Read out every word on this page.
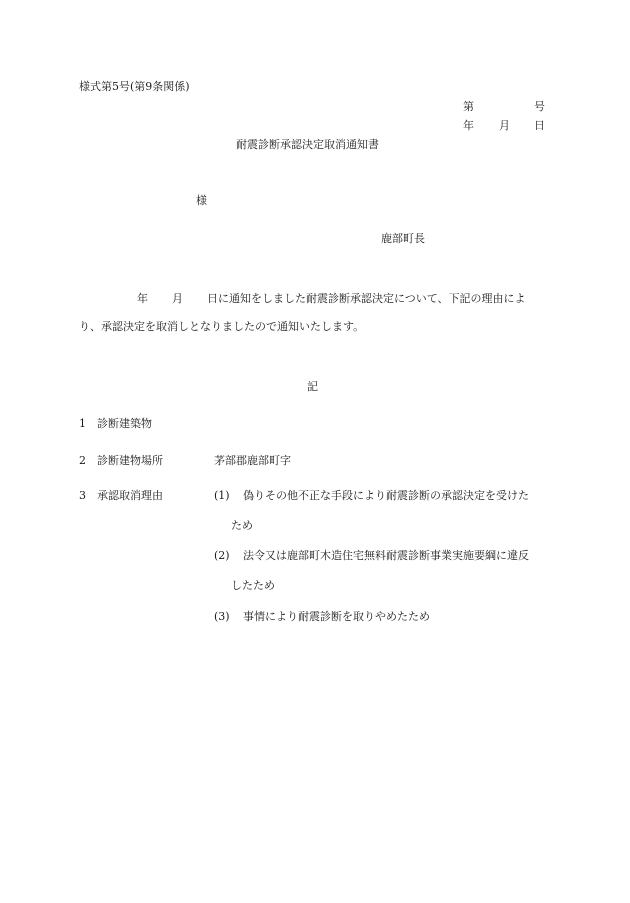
様式第5号(第9条関係)
第	号
年 月 日
耐震診断承認決定取消通知書
様
鹿部町長
年 月 日に通知をしました耐震診断承認決定について、下記の理由によ
り、承認決定を取消しとなりましたので通知いたします。
記
1 診断建築物
2 診断建物場所	茅部郡鹿部町字
3 承認取消理由	(1) 偽りその他不正な手段により耐震診断の承認決定を受けた
ため
(2) 法令又は鹿部町木造住宅無料耐震診断事業実施要綱に違反
したため
(3) 事情により耐震診断を取りやめたため
